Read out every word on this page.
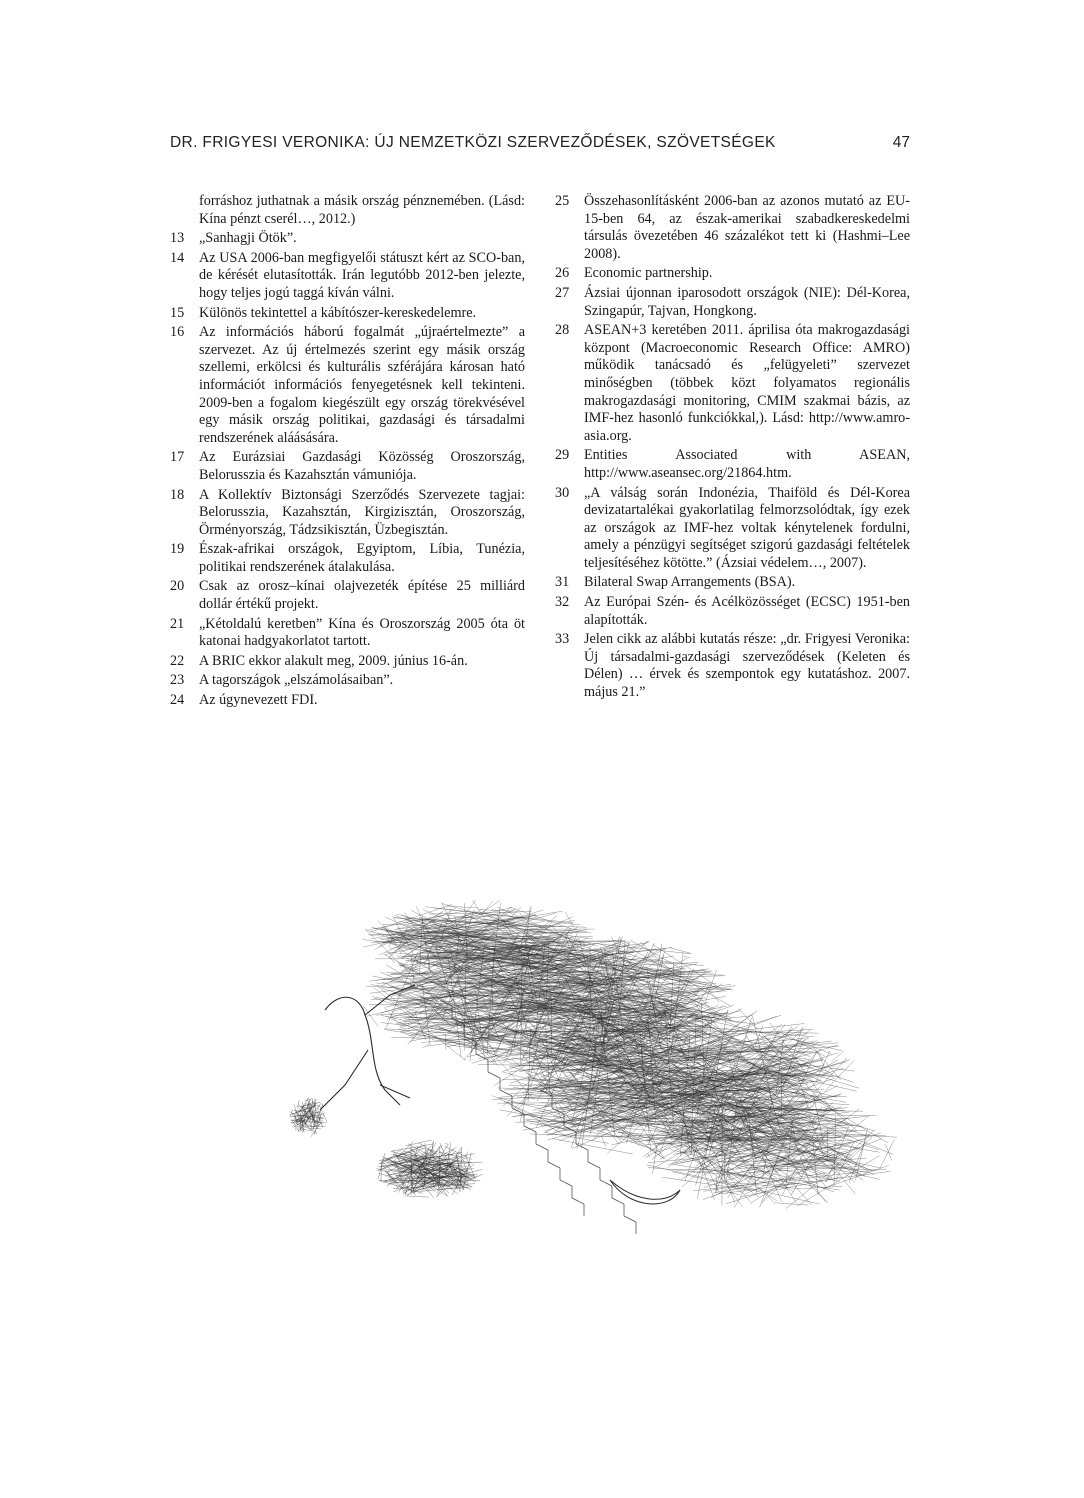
DR. FRIGYESI VERONIKA: ÚJ NEMZETKÖZI SZERVEZŐDÉSEK, SZÖVETSÉGEK	47
forráshoz juthatnak a másik ország pénznemében. (Lásd: Kína pénzt cserél…, 2012.)
13 „Sanhagji Ötök”.
14 Az USA 2006-ban megfigyelői státuszt kért az SCO-ban, de kérését elutasították. Irán legutóbb 2012-ben jelezte, hogy teljes jogú taggá kíván válni.
15 Különös tekintettel a kábítószer-kereskedelemre.
16 Az információs háború fogalmát „újraértelmezte” a szervezet. Az új értelmezés szerint egy másik ország szellemi, erkölcsi és kulturális szférájára károsan ható információt információs fenyegetésnek kell tekinteni. 2009-ben a fogalom kiegészült egy ország törekvésével egy másik ország politikai, gazdasági és társadalmi rendszerének aláásására.
17 Az Eurázsiai Gazdasági Közösség Oroszország, Belorusszia és Kazahsztán vámuniója.
18 A Kollektív Biztonsági Szerződés Szervezete tagjai: Belorusszia, Kazahsztán, Kirgizisztán, Oroszország, Örményország, Tádzsikisztán, Üzbegisztán.
19 Észak-afrikai országok, Egyiptom, Líbia, Tunézia, politikai rendszerének átalakulása.
20 Csak az orosz–kínai olajvezeték építése 25 milliárd dollár értékű projekt.
21 „Kétoldalú keretben” Kína és Oroszország 2005 óta öt katonai hadgyakorlatot tartott.
22 A BRIC ekkor alakult meg, 2009. június 16-án.
23 A tagországok „elszámolásaiban”.
24 Az úgynevezett FDI.
25 Összehasonlításként 2006-ban az azonos mutató az EU-15-ben 64, az észak-amerikai szabadkereskedelmi társulás övezetében 46 százalékot tett ki (Hashmi–Lee 2008).
26 Economic partnership.
27 Ázsiai újonnan iparosodott országok (NIE): Dél-Korea, Szingapúr, Tajvan, Hongkong.
28 ASEAN+3 keretében 2011. áprilisa óta makrogazdasági központ (Macroeconomic Research Office: AMRO) működik tanácsadó és „felügyeleti” szervezet minőségben (többek közt folyamatos regionális makrogazdasági monitoring, CMIM szakmai bázis, az IMF-hez hasonló funkciókkal,). Lásd: http://www.amro-asia.org.
29 Entities Associated with ASEAN, http://www.aseansec.org/21864.htm.
30 „A válság során Indonézia, Thaiföld és Dél-Korea devizatartalékai gyakorlatilag felmorzsolódtak, így ezek az országok az IMF-hez voltak kénytelenek fordulni, amely a pénzügyi segítséget szigorú gazdasági feltételek teljesítéséhez kötötte.” (Ázsiai védelem…, 2007).
31 Bilateral Swap Arrangements (BSA).
32 Az Európai Szén- és Acélközösséget (ECSC) 1951-ben alapították.
33 Jelen cikk az alábbi kutatás része: „dr. Frigyesi Veronika: Új társadalmi-gazdasági szerveződések (Keleten és Délen) … érvek és szempontok egy kutatáshoz. 2007. május 21.”
